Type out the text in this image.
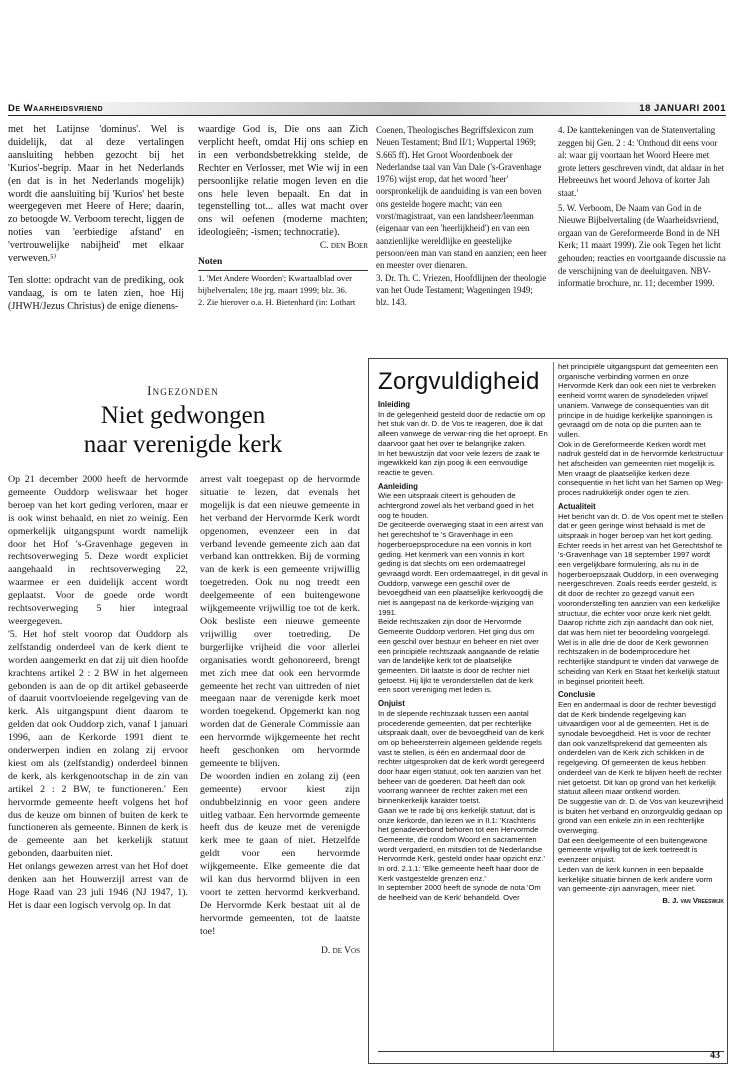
De Waarheidsvriend	18 JANUARI 2001

met het Latijnse 'dominus'. Wel is duidelijk, dat al deze vertalingen aansluiting hebben gezocht bij het 'Kurios'-begrip. Maar in het Nederlands (en dat is in het Nederlands mogelijk) wordt die aansluiting bij 'Kurios' het beste weergegeven met Heere of Here; daarin, zo betoogde W. Verboom terecht, liggen de noties van 'eerbiedige afstand' en 'vertrouwelijke nabijheid' met elkaar verweven.⁵⁾

Ten slotte: opdracht van de prediking, ook vandaag, is om te laten zien, hoe Hij (JHWH/Jezus Christus) de enige dienens-

waardige God is, Die ons aan Zich verplicht heeft, omdat Hij ons schiep en in een verbondsbetrekking stelde, de Rechter en Verlosser, met Wie wij in een persoonlijke relatie mogen leven en die ons hele leven bepaalt. En dat in tegenstelling tot... alles wat macht over ons wil oefenen (moderne machten; ideologieën; -ismen; technocratie).
C. den Boer
Noten

1. 'Met Andere Woorden'; Kwartaalblad over bijbelvertalen; 18e jrg. maart 1999; blz. 36.

2. Zie hierover o.a. H. Bietenhard (in: Lothart

Coenen, Theologisches Begriffslexicon zum Neuen Testament; Bnd II/1; Wuppertal 1969; S.665 ff). Het Groot Woordenboek der Nederlandse taal van Van Dale ('s-Gravenhage 1976) wijst erop, dat het woord 'heer' oorspronkelijk de aanduiding is van een boven ons gestelde hogere macht; van een vorst/magistraat, van een landsheer/leenman (eigenaar van een 'heerlijkheid') en van een aanzienlijke wereldlijke en geestelijke persoon/een man van stand en aanzien; een heer en meester over dienaren.

3. Dr. Th. C. Vriezen, Hoofdlijnen der theologie van het Oude Testament; Wageningen 1949; blz. 143.

4. De kanttekeningen van de Statenvertaling zeggen bij Gen. 2 : 4: 'Onthoud dit eens voor al: waar gij voortaan het Woord Heere met grote letters geschreven vindt, dat aldaar in het Hebreeuws het woord Jehova of korter Jah staat.'

5. W. Verboom, De Naam van God in de Nieuwe Bijbelvertaling (de Waarheidsvriend, orgaan van de Gereformeerde Bond in de NH Kerk; 11 maart 1999). Zie ook Tegen het licht gehouden; reacties en voortgaande discussie na de verschijning van de deeluitgaven. NBV-informatie brochure, nr. 11; december 1999.

Ingezonden
Niet gedwongen
naar verenigde kerk

Op 21 december 2000 heeft de hervormde gemeente Ouddorp weliswaar het hoger beroep van het kort geding verloren, maar er is ook winst behaald, en niet zo weinig. Een opmerkelijk uitgangspunt wordt namelijk door het Hof 's-Gravenhage gegeven in rechtsoverweging 5. Deze wordt expliciet aangehaald in rechtsoverweging 22, waarmee er een duidelijk accent wordt geplaatst. Voor de goede orde wordt rechtsoverweging 5 hier integraal weergegeven.

'5. Het hof stelt voorop dat Ouddorp als zelfstandig onderdeel van de kerk dient te worden aangemerkt en dat zij uit dien hoofde krachtens artikel 2 : 2 BW in het algemeen gebonden is aan de op dit artikel gebaseerde of daaruit voortvloeiende regelgeving van de kerk. Als uitgangspunt dient daarom te gelden dat ook Ouddorp zich, vanaf 1 januari 1996, aan de Kerkorde 1991 dient te onderwerpen indien en zolang zij ervoor kiest om als (zelfstandig) onderdeel binnen de kerk, als kerkgenootschap in de zin van artikel 2 : 2 BW, te functioneren.' Een hervormde gemeente heeft volgens het hof dus de keuze om binnen of buiten de kerk te functioneren als gemeente. Binnen de kerk is de gemeente aan het kerkelijk statuut gebonden, daarbuiten niet.

Het onlangs gewezen arrest van het Hof doet denken aan het Houwerzijl arrest van de Hoge Raad van 23 juli 1946 (NJ 1947, 1). Het is daar een logisch vervolg op. In dat

arrest valt toegepast op de hervormde situatie te lezen, dat evenals het mogelijk is dat een nieuwe gemeente in het verband der Hervormde Kerk wordt opgenomen, evenzeer een in dat verband levende gemeente zich aan dat verband kan onttrekken. Bij de vorming van de kerk is een gemeente vrijwillig toegetreden. Ook nu nog treedt een deelgemeente of een buitengewone wijkgemeente vrijwillig toe tot de kerk. Ook besliste een nieuwe gemeente vrijwillig over toetreding. De burgerlijke vrijheid die voor allerlei organisaties wordt gehonoreerd, brengt met zich mee dat ook een hervormde gemeente het recht van uittreden of niet meegaan naar de verenigde kerk moet worden toegekend. Opgemerkt kan nog worden dat de Generale Commissie aan een hervormde wijkgemeente het recht heeft geschonken om hervormde gemeente te blijven.

De woorden indien en zolang zij (een gemeente) ervoor kiest zijn ondubbelzinnig en voor geen andere uitleg vatbaar. Een hervormde gemeente heeft dus de keuze met de verenigde kerk mee te gaan of niet. Hetzelfde geldt voor een hervormde wijkgemeente. Elke gemeente die dat wil kan dus hervormd blijven in een voort te zetten hervormd kerkverband. De Hervormde Kerk bestaat uit al de hervormde gemeenten, tot de laatste toe!

D. de Vos
Zorgvuldigheid
Inleiding

In de gelegenheid gesteld door de redactie om op het stuk van dr. D. de Vos te reageren, doe ik dat alleen vanwege de verwar-ring die het oproept. En daarvoor gaat het over te belangrijke zaken.
In het bewustzijn dat voor vele lezers de zaak te ingewikkeld kan zijn poog ik een eenvoudige reactie te geven.

Aanleiding

Wie een uitspraak citeert is gehouden de achtergrond zowel als het verband goed in het oog te houden.
De geciteerde overweging staat in een arrest van het gerechtshof te 's Gravenhage in een hogerberoepsprocedure na een vonnis in kort geding. Het kenmerk van een vonnis in kort geding is dat slechts om een ordemaatregel gevraagd wordt. Een ordemaatregel, in dit geval in Ouddorp, vanwege een geschil over de bevoegdheid van een plaatselijke kerkvoogdij die niet is aangepast na de kerkorde-wijziging van 1991.
Beide rechtszaken zijn door de Hervormde Gemeente Ouddorp verloren. Het ging dus om een geschil over bestuur en beheer en niet over een principiële rechtszaak aangaande de relatie van de landelijke kerk tot de plaatselijke gemeenten. Dit laatste is door de rechter niet getoetst. Hij lijkt te veronderstellen dat de kerk een soort vereniging met leden is.

Onjuist

In de slepende rechtszaak tussen een aantal procederende gemeenten, dat per rechterlijke uitspraak daalt, over de bevoegdheid van de kerk om op beheersterrein algemeen geldende regels vast te stellen, is één en andermaal door de rechter uitgesproken dat de kerk wordt geregeerd door haar eigen statuut, ook ten aanzien van het beheer van de goederen. Dat heeft dan ook voorrang wanneer de rechter zaken met een binnenkerkelijk karakter toetst.
Gaan we te rade bij ons kerkelijk statuut, dat is onze kerkorde, dan lezen we in II.1: 'Krachtens het genadeverbond behoren tot een Hervormde Gemeente, die rondom Woord en sacramenten wordt vergaderd, en mitsdien tot de Nederlandse Hervormde Kerk, gesteld onder haar opzicht enz.' In ord. 2.1.1: 'Elke gemeente heeft haar door de Kerk vastgestelde grenzen enz.'
In september 2000 heeft de synode de nota 'Om de heelheid van de Kerk' behandeld. Over

het principiële uitgangspunt dat gemeenten een organische verbinding vormen en onze Hervormde Kerk dan ook een niet te verbreken eenheid vormt waren de synodeleden vrijwel unaniem. Vanwege de consequenties van dit principe in de huidige kerkelijke spanningen is gevraagd om de nota op die punten aan te vullen.
Ook in de Gereformeerde Kerken wordt met nadruk gesteld dat in de hervormde kerkstructuur het afscheiden van gemeenten niet mogelijk is. Men vraagt de plaatselijke kerken deze consequentie in het licht van het Samen op Weg-proces nadrukkelijk onder ogen te zien.

Actualiteit

Het bericht van dr. D. de Vos opent met te stellen dat er geen geringe winst behaald is met de uitspraak in hoger beroep van het kort geding.
Echter reeds in het arrest van het Gerechtshof te 's-Gravenhage van 18 september 1997 wordt een vergelijkbare formulering, als nu in de hogerberoepszaak Ouddorp, in een overweging neergeschreven. Zoals reeds eerder gesteld, is dit door de rechter zo gezegd vanuit een vooronderstelling ten aanzien van een kerkelijke structuur, die echter voor onze kerk niet geldt. Daarop richtte zich zijn aandacht dan ook niet, dat was hem niet ter beoordeling voorgelegd.
Wel is in alle drie de door de Kerk gewonnen rechtszaken in de bodemprocedure het rechterlijke standpunt te vinden dat vanwege de scheiding van Kerk en Staat het kerkelijk statuut in beginsel prioriteit heeft.

Conclusie

Een en andermaal is door de rechter bevestigd dat de Kerk bindende regelgeving kan uitvaardigen voor al de gemeenten. Het is de synodale bevoegdheid. Het is voor de rechter dan ook vanzelfsprekend dat gemeenten als onderdelen van de Kerk zich schikken in de regelgeving. Of gemeenten de keus hebben onderdeel van de Kerk te blijven heeft de rechter niet getoetst. Dit kan op grond van het kerkelijk statuut alleen maar ontkend worden.
De suggestie van dr. D. de Vos van keuzevrijheid is buiten het verband en onzorgvuldig gedaan op grond van een enkele zin in een rechterlijke overweging.
Dat een deelgemeente of een buitengewone gemeente vrijwillig tot de kerk toetreedt is evenzeer onjuist.
Leden van de kerk kunnen in een bepaalde kerkelijke situatie binnen de kerk andere vorm van gemeente-zijn aanvragen, meer niet.

B. J. van Vreeswijk
43
